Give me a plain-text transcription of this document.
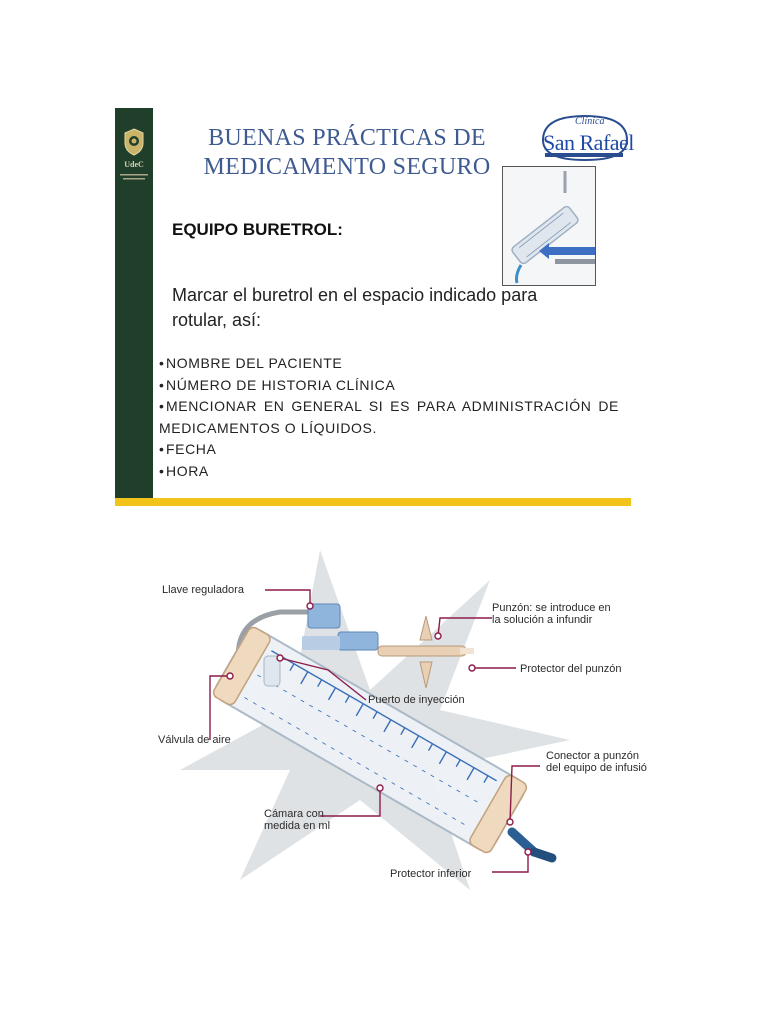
UdeC
BUENAS PRÁCTICAS DE
MEDICAMENTO SEGURO
Clínica
San Rafael
EQUIPO BURETROL:
Marcar el buretrol en el espacio indicado para rotular, así:
•NOMBRE DEL PACIENTE
•NÚMERO DE HISTORIA CLÍNICA
•MENCIONAR EN GENERAL SI ES PARA ADMINISTRACIÓN DE MEDICAMENTOS O LÍQUIDOS.
•FECHA
•HORA
Llave reguladora
Punzón: se introduce en
la solución a infundir
Protector del punzón
Puerto de inyección
Válvula de aire
Conector a punzón
del equipo de infusió
Cámara con
medida en ml
Protector inferior
